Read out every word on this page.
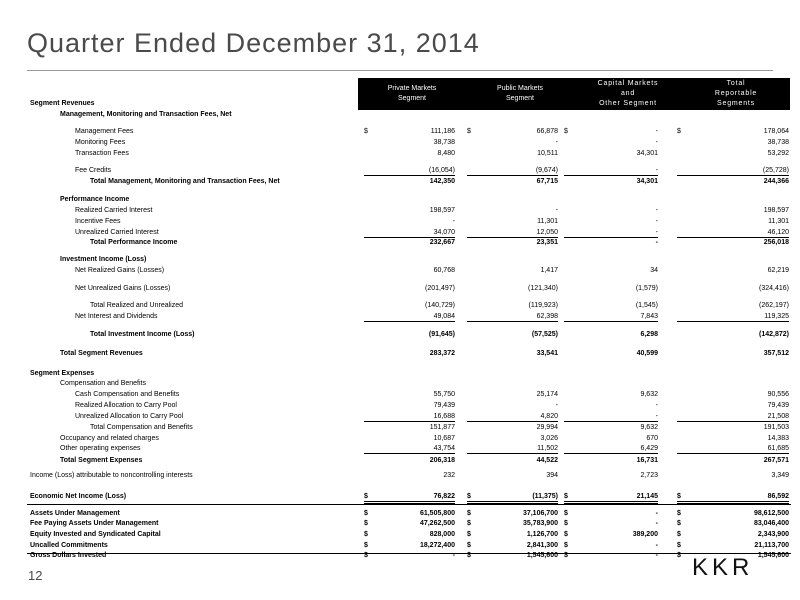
Quarter Ended December 31, 2014
Private Markets
Segment
Public Markets
Segment
Capital Markets
and
Other Segment
Total
Reportable
Segments
Segment Revenues
Management, Monitoring and Transaction Fees, Net
Management Fees	$	111,186 $	66,878 $	-	$	178,064
Monitoring Fees	38,738	-	-	38,738
Transaction Fees	8,480	10,511	34,301	53,292
Fee Credits	(16,054)	(9,674)	-	(25,728)
Total Management, Monitoring and Transaction Fees, Net	142,350	67,715	34,301	244,366
Performance Income
Realized Carried Interest	198,597	-	-	198,597
Incentive Fees	-	11,301	-	11,301
Unrealized Carried Interest	34,070	12,050	-	46,120
Total Performance Income	232,667	23,351	-	256,018
Investment Income (Loss)
Net Realized Gains (Losses)	60,768	1,417	34	62,219
Net Unrealized Gains (Losses)	(201,497)	(121,340)	(1,579)	(324,416)
Total Realized and Unrealized	(140,729)	(119,923)	(1,545)	(262,197)
Net Interest and Dividends	49,084	62,398	7,843	119,325
Total Investment Income (Loss)	(91,645)	(57,525)	6,298	(142,872)
Total Segment Revenues	283,372	33,541	40,599	357,512
Segment Expenses
Compensation and Benefits
Cash Compensation and Benefits	55,750	25,174	9,632	90,556
Realized Allocation to Carry Pool	79,439	-	-	79,439
Unrealized Allocation to Carry Pool	16,688	4,820	-	21,508
Total Compensation and Benefits	151,877	29,994	9,632	191,503
Occupancy and related charges	10,687	3,026	670	14,383
Other operating expenses	43,754	11,502	6,429	61,685
Total Segment Expenses	206,318	44,522	16,731	267,571
Income (Loss) attributable to noncontrolling interests	232	394	2,723	3,349
Economic Net Income (Loss)	$	76,822 $	(11,375) $	21,145	$	86,592
Assets Under Management	$	61,505,800 $	37,106,700 $	-	$	98,612,500
Fee Paying Assets Under Management	$	47,262,500 $	35,783,900 $	-	$	83,046,400
Equity Invested and Syndicated Capital	$	828,000 $	1,126,700 $	389,200	$	2,343,900
Uncalled Commitments	$	18,272,400 $	2,841,300 $	-	$	21,113,700
Gross Dollars Invested	$	- $	1,545,600 $	-	$	1,545,600
12	KKR
